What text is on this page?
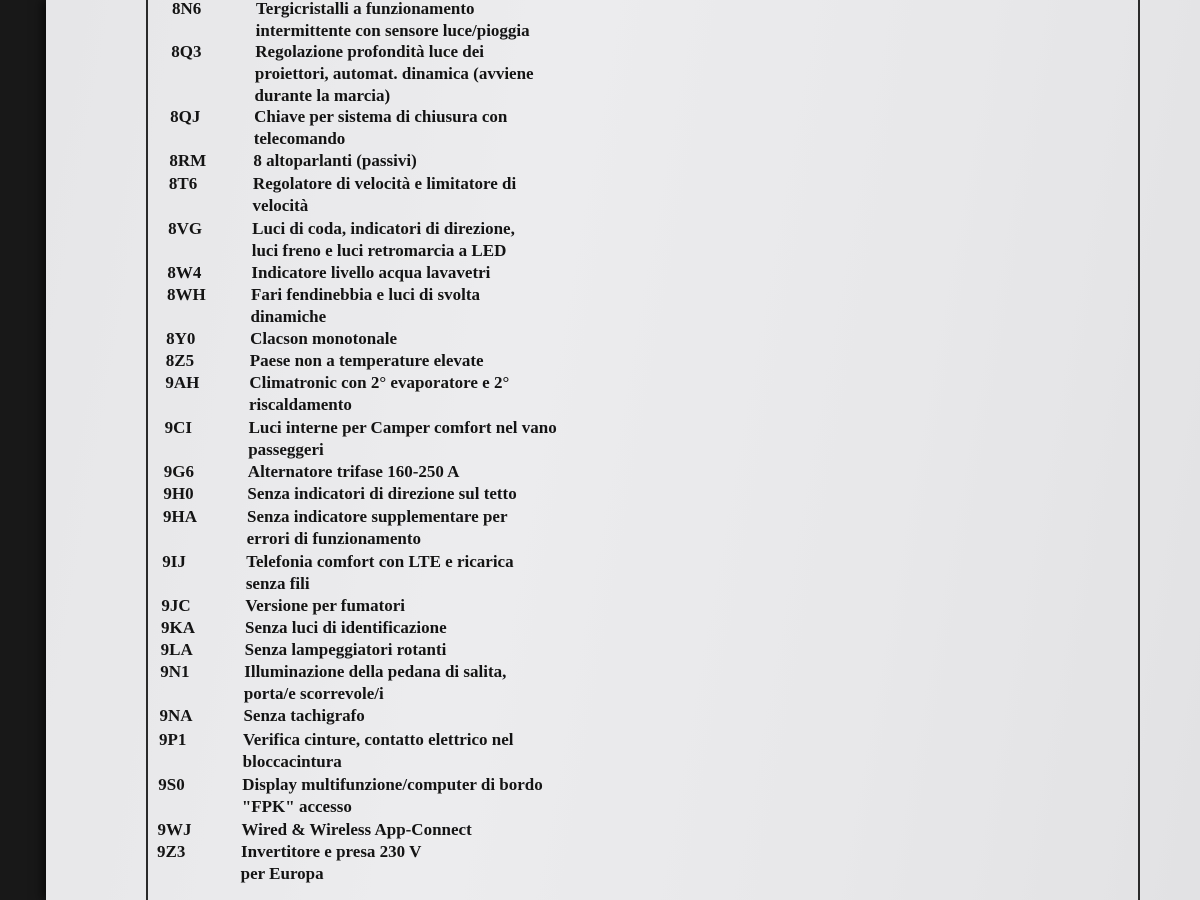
8N6	Tergicristalli a funzionamento
intermittente con sensore luce/pioggia
8Q3	Regolazione profondità luce dei
proiettori, automat. dinamica (avviene
durante la marcia)
8QJ	Chiave per sistema di chiusura con
telecomando
8RM	8 altoparlanti (passivi)
8T6	Regolatore di velocità e limitatore di
velocità
8VG	Luci di coda, indicatori di direzione,
luci freno e luci retromarcia a LED
8W4	Indicatore livello acqua lavavetri
8WH	Fari fendinebbia e luci di svolta
dinamiche
8Y0	Clacson monotonale
8Z5	Paese non a temperature elevate
9AH	Climatronic con 2° evaporatore e 2°
riscaldamento
9CI	Luci interne per Camper comfort nel vano
passeggeri
9G6	Alternatore trifase 160-250 A
9H0	Senza indicatori di direzione sul tetto
9HA	Senza indicatore supplementare per
errori di funzionamento
9IJ	Telefonia comfort con LTE e ricarica
senza fili
9JC	Versione per fumatori
9KA	Senza luci di identificazione
9LA	Senza lampeggiatori rotanti
9N1	Illuminazione della pedana di salita,
porta/e scorrevole/i
9NA	Senza tachigrafo
9P1	Verifica cinture, contatto elettrico nel
bloccacintura
9S0	Display multifunzione/computer di bordo
"FPK" accesso
9WJ	Wired & Wireless App-Connect
9Z3	Invertitore e presa 230 V
per Europa
